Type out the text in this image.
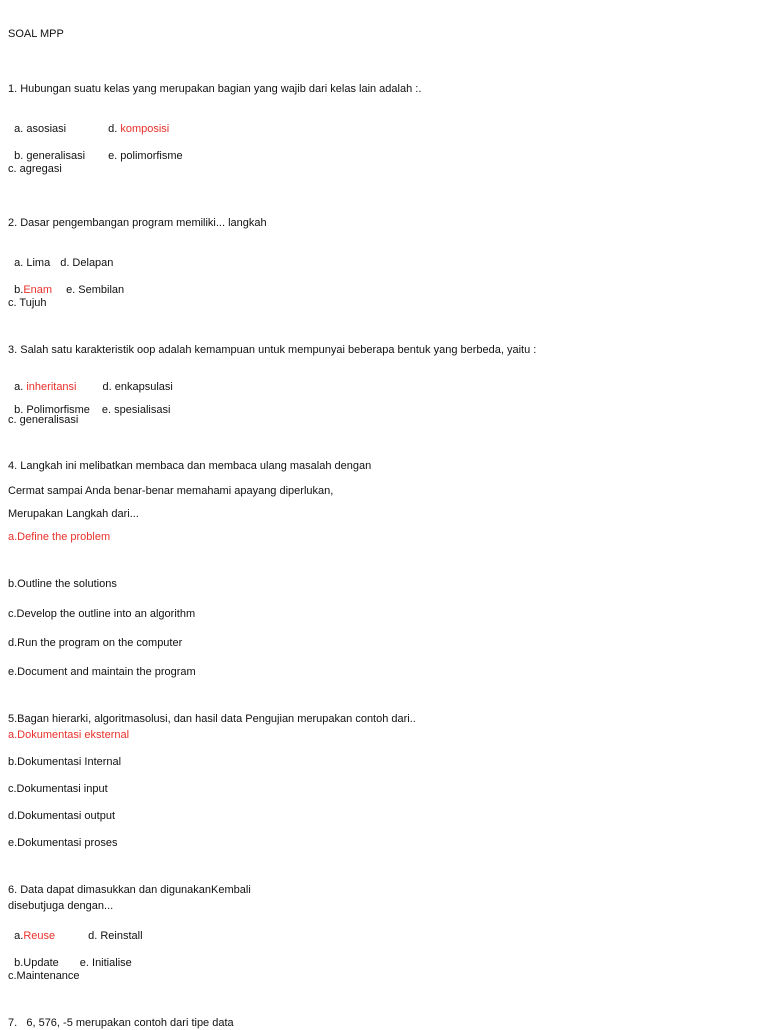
SOAL MPP
1. Hubungan suatu kelas yang merupakan bagian yang wajib dari kelas lain adalah :.

a. asosiasi	d. komposisi

b. generalisasi e. polimorfisme

c. agregasi
2. Dasar pengembangan program memiliki... langkah

a. Lima d. Delapan

b.Enam e. Sembilan

c. Tujuh
3. Salah satu karakteristik oop adalah kemampuan untuk mempunyai beberapa bentuk yang berbeda, yaitu :

a. inheritansi d. enkapsulasi

b. Polimorfisme e. spesialisasi

c. generalisasi
4. Langkah ini melibatkan membaca dan membaca ulang masalah dengan
Cermat sampai Anda benar-benar memahami apayang diperlukan,
Merupakan Langkah dari...
a.Define the problem
b.Outline the solutions
c.Develop the outline into an algorithm
d.Run the program on the computer
e.Document and maintain the program
5.Bagan hierarki, algoritmasolusi, dan hasil data Pengujian merupakan contoh dari..
a.Dokumentasi eksternal
b.Dokumentasi Internal
c.Dokumentasi input
d.Dokumentasi output
e.Dokumentasi proses
6. Data dapat dimasukkan dan digunakanKembali
disebutjuga dengan...

a.Reuse	d. Reinstall

b.Update e. Initialise

c.Maintenance
7.   6, 576, -5 merupakan contoh dari tipe data
